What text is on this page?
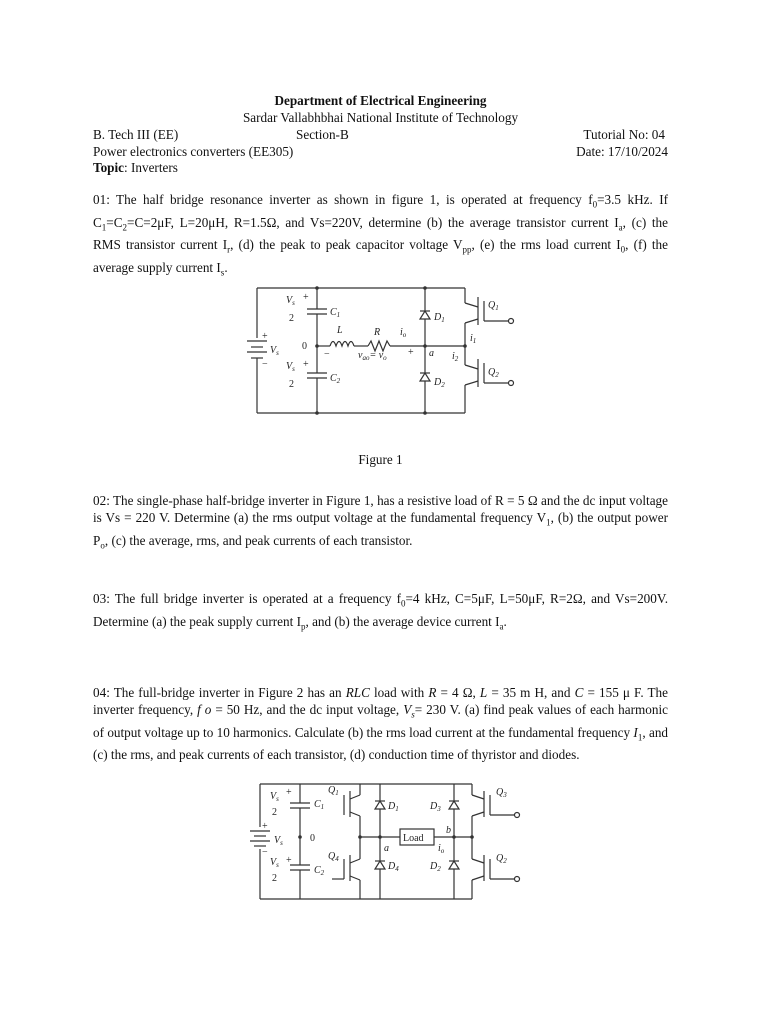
Department of Electrical Engineering
Sardar Vallabhbhai National Institute of Technology
B. Tech III (EE)	Section-B	Tutorial No: 04
Power electronics converters (EE305)	Date: 17/10/2024
Topic: Inverters

01: The half bridge resonance inverter as shown in figure 1, is operated at frequency $f_0=3.5$ kHz. If $C_1=C_2=C=2\mu F$, L=20μH, R=1.5Ω, and Vs=220V, determine (b) the average transistor current $I_a$, (c) the RMS transistor current $I_r$, (d) the peak to peak capacitor voltage $V_{pp}$, (e) the rms load current $I_0$, (f) the average supply current $I_s$.

$V_s$
2
+
$C_1$
+
$V_s$
−
0
$V_s$
2
+
$C_2$
L	R $i_o$
−	$v_{ao}= v_o + a$
$D_1$
$D_2$
$Q_1$
$Q_2$
$i_1$
$i_2$
Figure 1

02: The single-phase half-bridge inverter in Figure 1, has a resistive load of R = 5 Ω and the dc input voltage is Vs = 220 V. Determine (a) the rms output voltage at the fundamental frequency $V_1$, (b) the output power $P_o$, (c) the average, rms, and peak currents of each transistor.

03: The full bridge inverter is operated at a frequency $f_0=4$ kHz, C=5μF, L=50μF, R=2Ω, and Vs=200V. Determine (a) the peak supply current $I_p$, and (b) the average device current $I_a$.

04: The full-bridge inverter in Figure 2 has an RLC load with R = 4 Ω, L = 35 m H, and C = 155 μ F. The inverter frequency, f o = 50 Hz, and the dc input voltage, $V_s= 230$ V. (a) find peak values of each harmonic of output voltage up to 10 harmonics. Calculate (b) the rms load current at the fundamental frequency $I_1$, and (c) the rms, and peak currents of each transistor, (d) conduction time of thyristor and diodes.

$V_s$
2
+
$C_1$
+
$V_s$
−
0
$V_s$
2
+
$C_2$
$Q_1$
$Q_4$
$D_1$
$D_4$
$D_3$
$D_2$
$Q_3$
$Q_2$
a
b
$i_o$
Load
